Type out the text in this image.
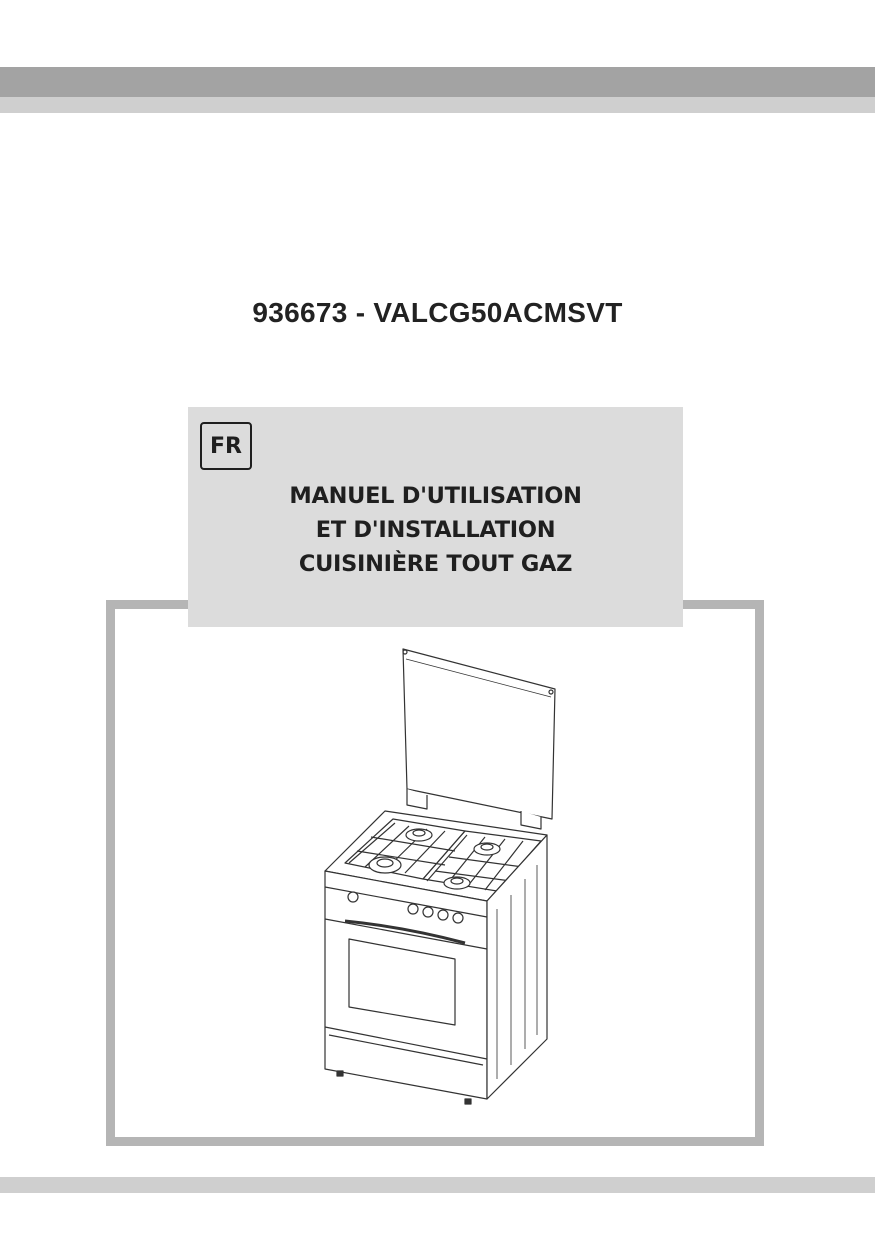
936673 - VALCG50ACMSVT
FR
MANUEL D'UTILISATION
ET D'INSTALLATION
CUISINIÈRE TOUT GAZ
